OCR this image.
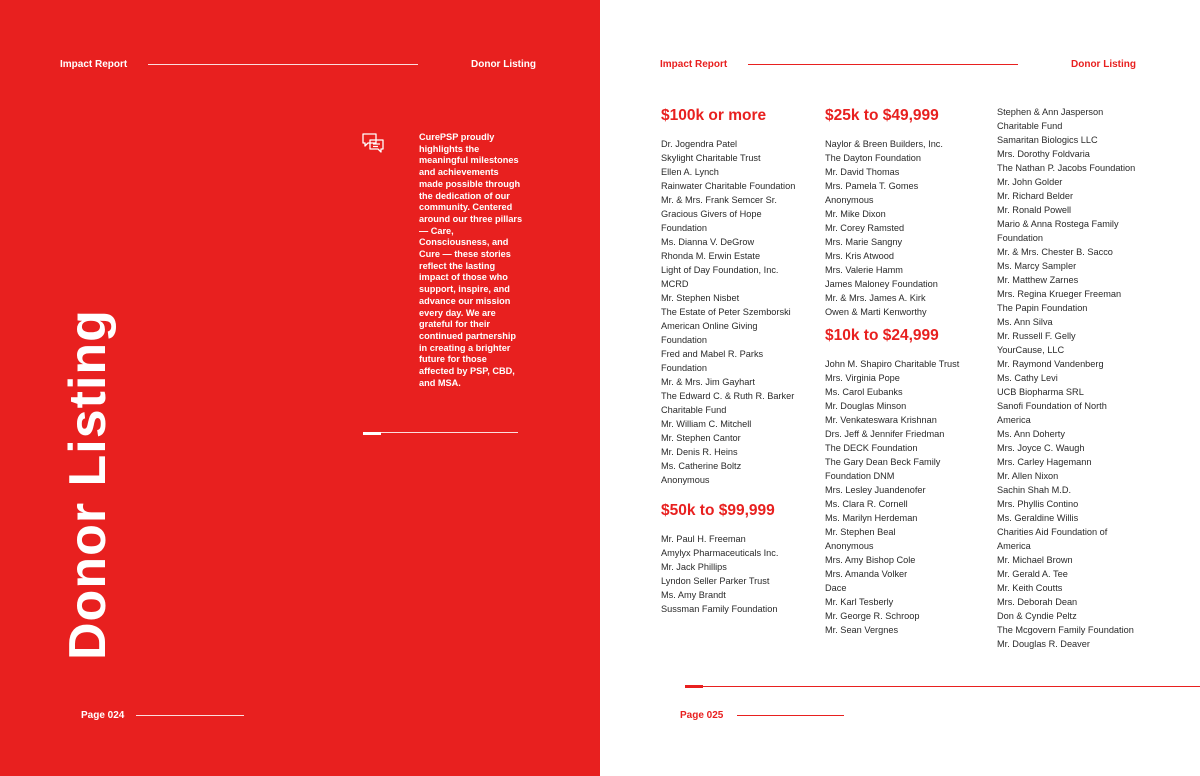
Impact Report	Donor Listing
Donor Listing
CurePSP proudly highlights the meaningful milestones and achievements made possible through the dedication of our community. Centered around our three pillars — Care, Consciousness, and Cure — these stories reflect the lasting impact of those who support, inspire, and advance our mission every day. We are grateful for their continued partnership in creating a brighter future for those affected by PSP, CBD, and MSA.
Page 024
Impact Report	Donor Listing
$100k or more
Dr. Jogendra Patel
Skylight Charitable Trust
Ellen A. Lynch
Rainwater Charitable Foundation
Mr. & Mrs. Frank Semcer Sr.
Gracious Givers of Hope
Foundation
Ms. Dianna V. DeGrow
Rhonda M. Erwin Estate
Light of Day Foundation, Inc.
MCRD
Mr. Stephen Nisbet
The Estate of Peter Szemborski
American Online Giving
Foundation
Fred and Mabel R. Parks
Foundation
Mr. & Mrs. Jim Gayhart
The Edward C. & Ruth R. Barker
Charitable Fund
Mr. William C. Mitchell
Mr. Stephen Cantor
Mr. Denis R. Heins
Ms. Catherine Boltz
Anonymous
$50k to $99,999
Mr. Paul H. Freeman
Amylyx Pharmaceuticals Inc.
Mr. Jack Phillips
Lyndon Seller Parker Trust
Ms. Amy Brandt
Sussman Family Foundation
$25k to $49,999
Naylor & Breen Builders, Inc.
The Dayton Foundation
Mr. David Thomas
Mrs. Pamela T. Gomes
Anonymous
Mr. Mike Dixon
Mr. Corey Ramsted
Mrs. Marie Sangny
Mrs. Kris Atwood
Mrs. Valerie Hamm
James Maloney Foundation
Mr. & Mrs. James A. Kirk
Owen & Marti Kenworthy
$10k to $24,999
John M. Shapiro Charitable Trust
Mrs. Virginia Pope
Ms. Carol Eubanks
Mr. Douglas Minson
Mr. Venkateswara Krishnan
Drs. Jeff & Jennifer Friedman
The DECK Foundation
The Gary Dean Beck Family
Foundation DNM
Mrs. Lesley Juandenofer
Ms. Clara R. Cornell
Ms. Marilyn Herdeman
Mr. Stephen Beal
Anonymous
Mrs. Amy Bishop Cole
Mrs. Amanda Volker
Dace
Mr. Karl Tesberly
Mr. George R. Schroop
Mr. Sean Vergnes
Stephen & Ann Jasperson
Charitable Fund
Samaritan Biologics LLC
Mrs. Dorothy Foldvaria
The Nathan P. Jacobs Foundation
Mr. John Golder
Mr. Richard Belder
Mr. Ronald Powell
Mario & Anna Rostega Family
Foundation
Mr. & Mrs. Chester B. Sacco
Ms. Marcy Sampler
Mr. Matthew Zarnes
Mrs. Regina Krueger Freeman
The Papin Foundation
Ms. Ann Silva
Mr. Russell F. Gelly
YourCause, LLC
Mr. Raymond Vandenberg
Ms. Cathy Levi
UCB Biopharma SRL
Sanofi Foundation of North
America
Ms. Ann Doherty
Mrs. Joyce C. Waugh
Mrs. Carley Hagemann
Mr. Allen Nixon
Sachin Shah M.D.
Mrs. Phyllis Contino
Ms. Geraldine Willis
Charities Aid Foundation of
America
Mr. Michael Brown
Mr. Gerald A. Tee
Mr. Keith Coutts
Mrs. Deborah Dean
Don & Cyndie Peltz
The Mcgovern Family Foundation
Mr. Douglas R. Deaver
Page 025
